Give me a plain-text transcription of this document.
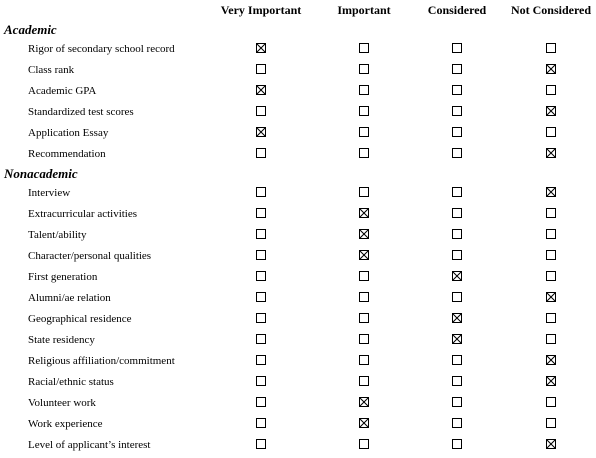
Very Important	Important	Considered Not Considered
Academic
Rigor of secondary school record
Class rank
Academic GPA
Standardized test scores
Application Essay
Recommendation
Nonacademic
Interview
Extracurricular activities
Talent/ability
Character/personal qualities
First generation
Alumni/ae relation
Geographical residence
State residency
Religious affiliation/commitment
Racial/ethnic status
Volunteer work
Work experience
Level of applicant’s interest
